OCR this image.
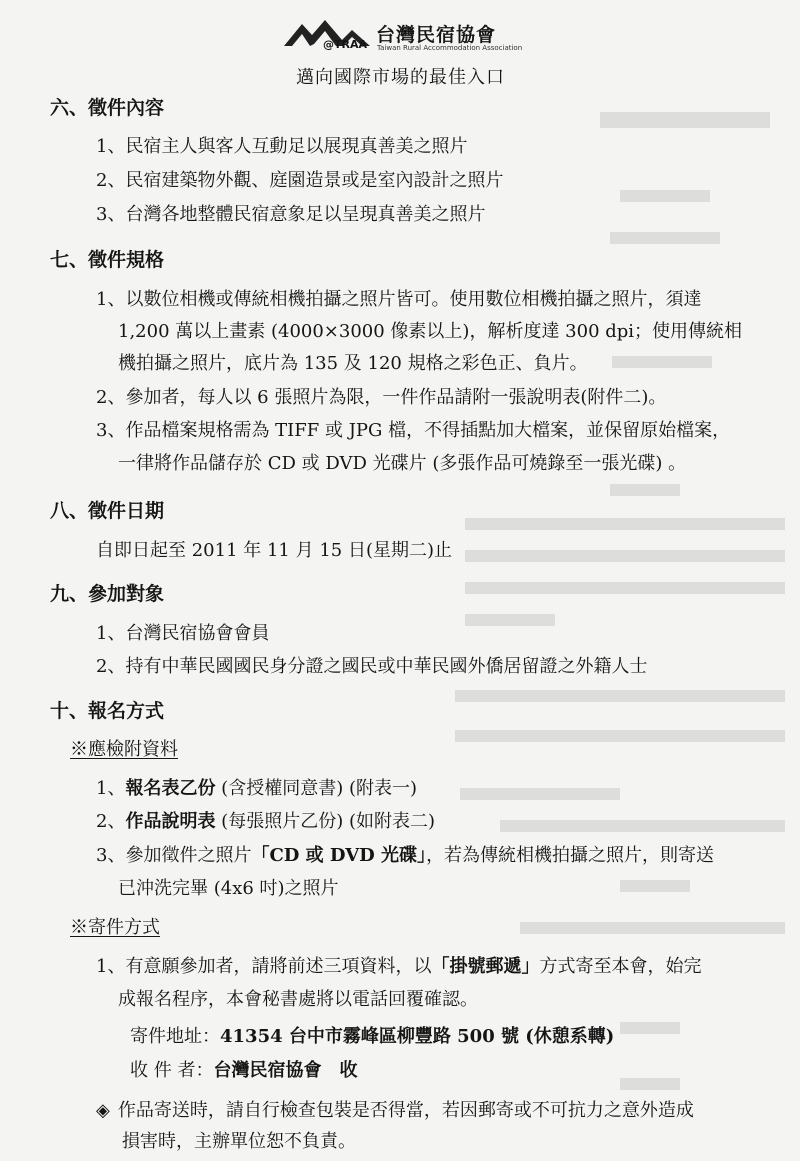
@TRAA 台灣民宿協會
Taiwan Rural Accommodation Association
邁向國際市場的最佳入口
六、徵件內容
1、民宿主人與客人互動足以展現真善美之照片
2、民宿建築物外觀、庭園造景或是室內設計之照片
3、台灣各地整體民宿意象足以呈現真善美之照片
七、徵件規格
1、以數位相機或傳統相機拍攝之照片皆可。使用數位相機拍攝之照片，須達
1,200 萬以上畫素 (4000×3000 像素以上)，解析度達 300 dpi；使用傳統相
機拍攝之照片，底片為 135 及 120 規格之彩色正、負片。
2、參加者，每人以 6 張照片為限，一件作品請附一張說明表(附件二)。
3、作品檔案規格需為 TIFF 或 JPG 檔，不得插點加大檔案，並保留原始檔案，
一律將作品儲存於 CD 或 DVD 光碟片 (多張作品可燒錄至一張光碟) 。
八、徵件日期
自即日起至 2011 年 11 月 15 日(星期二)止
九、參加對象
1、台灣民宿協會會員
2、持有中華民國國民身分證之國民或中華民國外僑居留證之外籍人士
十、報名方式
※應檢附資料
1、報名表乙份 (含授權同意書) (附表一)
2、作品說明表 (每張照片乙份) (如附表二)
3、參加徵件之照片「CD 或 DVD 光碟」，若為傳統相機拍攝之照片，則寄送
已沖洗完畢 (4x6 吋)之照片
※寄件方式
1、有意願參加者，請將前述三項資料，以「掛號郵遞」方式寄至本會，始完
成報名程序，本會秘書處將以電話回覆確認。
寄件地址：41354 台中市霧峰區柳豐路 500 號 (休憩系轉)
收 件 者：台灣民宿協會　收
◈ 作品寄送時，請自行檢查包裝是否得當，若因郵寄或不可抗力之意外造成
損害時，主辦單位恕不負責。
